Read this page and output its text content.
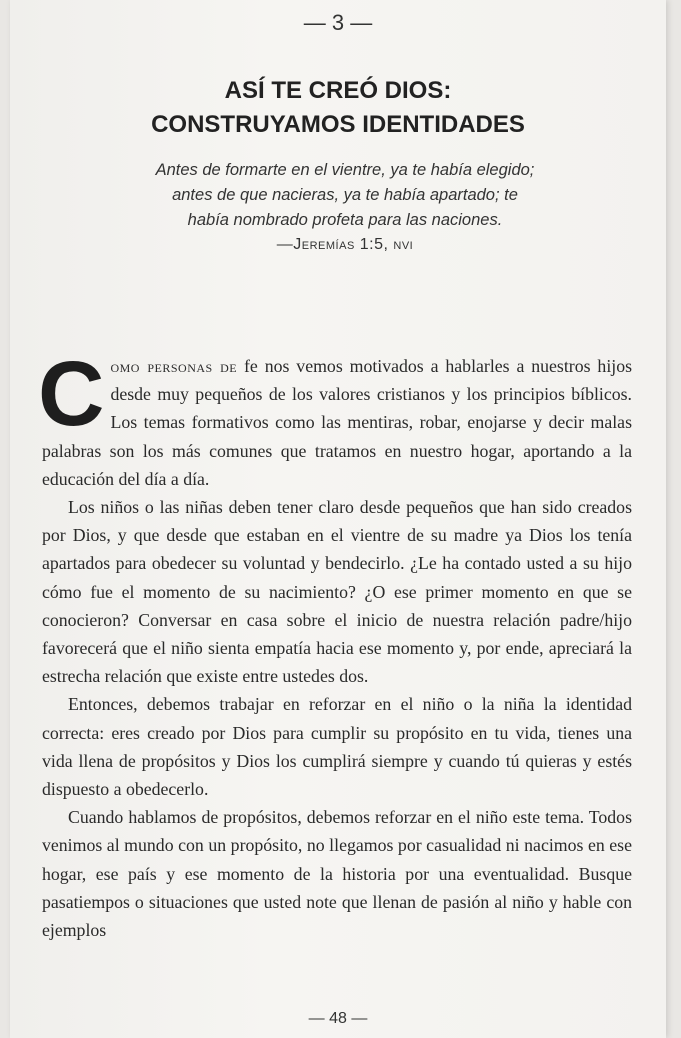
— 3 —
ASÍ TE CREÓ DIOS:
CONSTRUYAMOS IDENTIDADES
Antes de formarte en el vientre, ya te había elegido;
antes de que nacieras, ya te había apartado; te
había nombrado profeta para las naciones.
—Jeremías 1:5, nvi

Como personas de fe nos vemos motivados a hablarles a nuestros hijos desde muy pequeños de los valores cristianos y los principios bíblicos. Los temas formativos como las mentiras, robar, enojarse y decir malas palabras son los más comunes que tratamos en nuestro hogar, aportando a la educación del día a día.

Los niños o las niñas deben tener claro desde pequeños que han sido creados por Dios, y que desde que estaban en el vientre de su madre ya Dios los tenía apartados para obedecer su voluntad y bendecirlo. ¿Le ha contado usted a su hijo cómo fue el momento de su nacimiento? ¿O ese primer momento en que se conocieron? Conversar en casa sobre el inicio de nuestra relación padre/hijo favorecerá que el niño sienta empatía hacia ese momento y, por ende, apreciará la estrecha relación que existe entre ustedes dos.

Entonces, debemos trabajar en reforzar en el niño o la niña la identidad correcta: eres creado por Dios para cumplir su propósito en tu vida, tienes una vida llena de propósitos y Dios los cumplirá siempre y cuando tú quieras y estés dispuesto a obedecerlo.

Cuando hablamos de propósitos, debemos reforzar en el niño este tema. Todos venimos al mundo con un propósito, no llegamos por casualidad ni nacimos en ese hogar, ese país y ese momento de la historia por una eventualidad. Busque pasatiempos o situaciones que usted note que llenan de pasión al niño y hable con ejemplos

— 48 —
